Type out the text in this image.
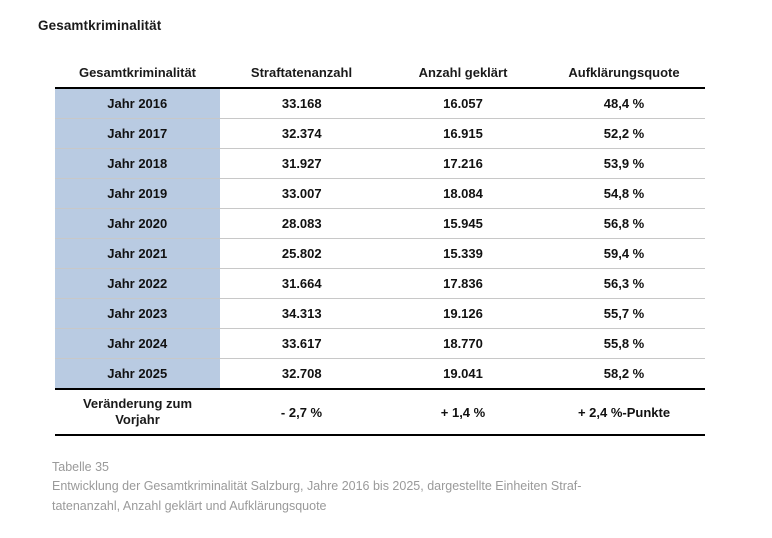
Gesamtkriminalität
Gesamtkriminalität	Straftatenanzahl	Anzahl geklärt	Aufklärungsquote
Jahr 2016	33.168	16.057	48,4 %
Jahr 2017	32.374	16.915	52,2 %
Jahr 2018	31.927	17.216	53,9 %
Jahr 2019	33.007	18.084	54,8 %
Jahr 2020	28.083	15.945	56,8 %
Jahr 2021	25.802	15.339	59,4 %
Jahr 2022	31.664	17.836	56,3 %
Jahr 2023	34.313	19.126	55,7 %
Jahr 2024	33.617	18.770	55,8 %
Jahr 2025	32.708	19.041	58,2 %
Veränderung zum
Vorjahr	- 2,7 %	+ 1,4 %	+ 2,4 %-Punkte
Tabelle 35
Entwicklung der Gesamtkriminalität Salzburg, Jahre 2016 bis 2025, dargestellte Einheiten Straf-
tatenanzahl, Anzahl geklärt und Aufklärungsquote
